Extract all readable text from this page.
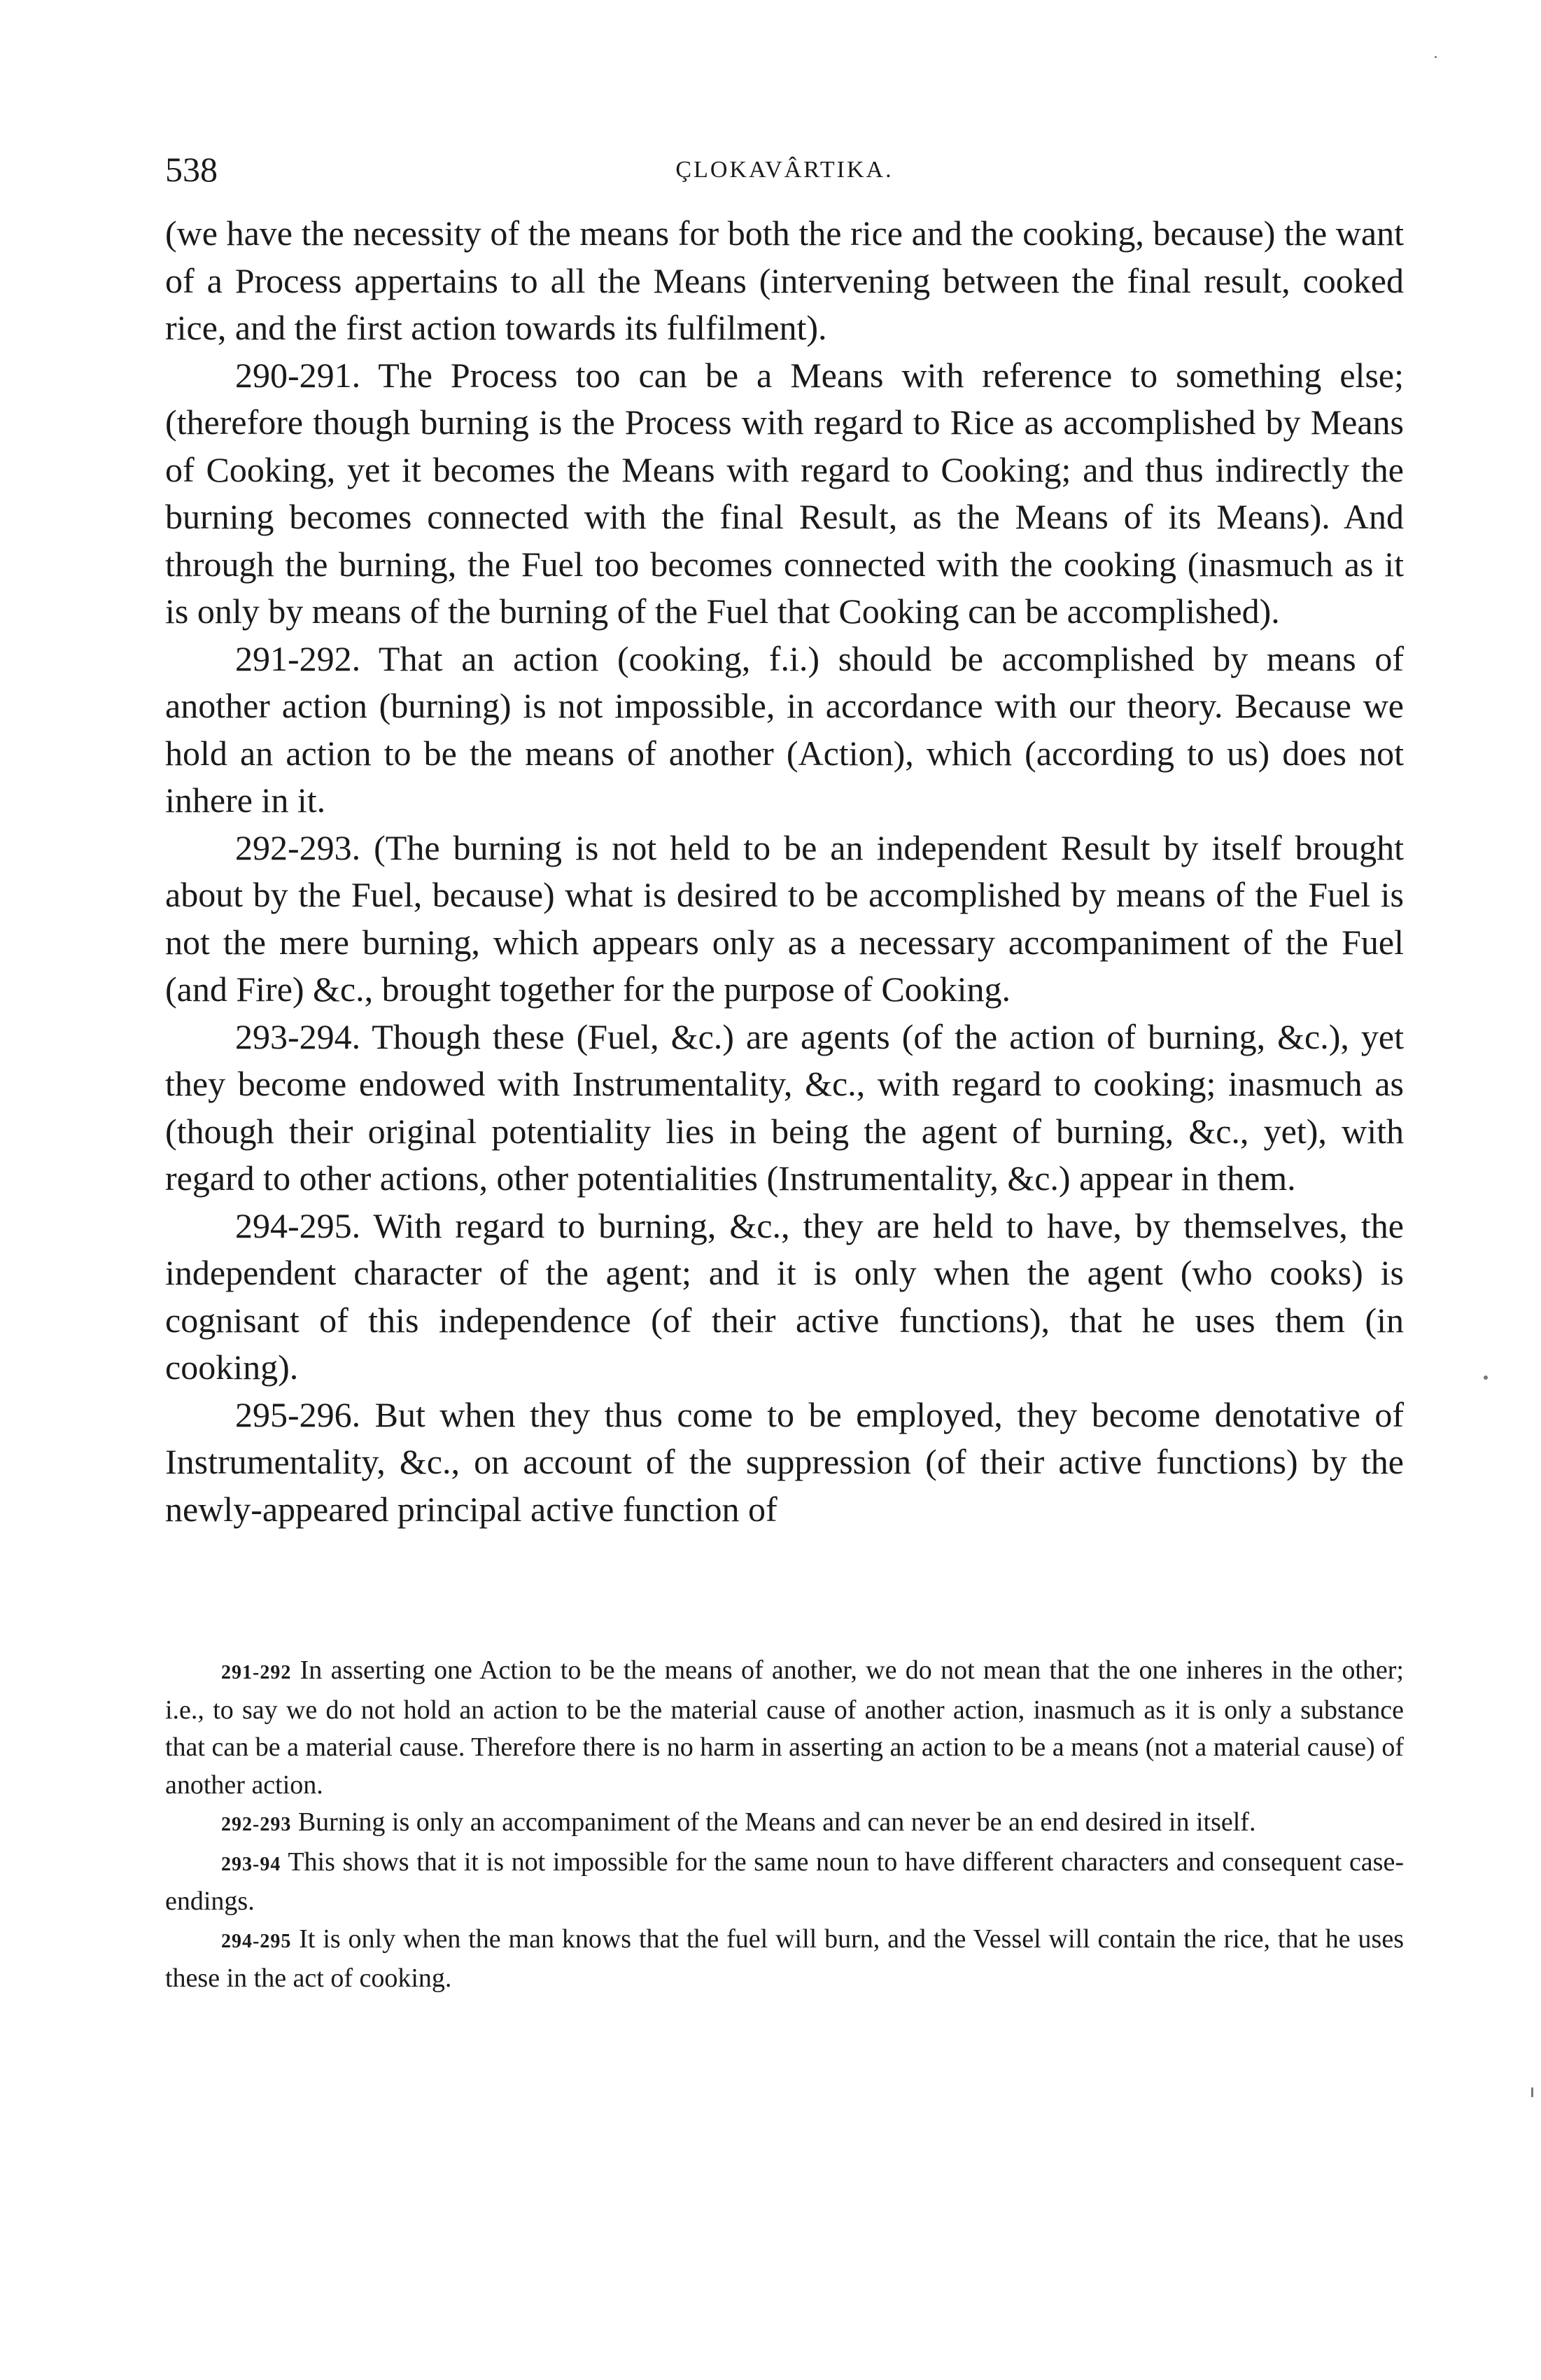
538	ÇLOKAVÂRTIKA.

(we have the necessity of the means for both the rice and the cooking, because) the want of a Process appertains to all the Means (intervening between the final result, cooked rice, and the first action towards its fulfilment).

290-291. The Process too can be a Means with reference to something else; (therefore though burning is the Process with regard to Rice as accomplished by Means of Cooking, yet it becomes the Means with regard to Cooking; and thus indirectly the burning becomes connected with the final Result, as the Means of its Means). And through the burning, the Fuel too becomes connected with the cooking (inasmuch as it is only by means of the burning of the Fuel that Cooking can be accomplished).

291-292. That an action (cooking, f.i.) should be accomplished by means of another action (burning) is not impossible, in accordance with our theory. Because we hold an action to be the means of another (Action), which (according to us) does not inhere in it.

292-293. (The burning is not held to be an independent Result by itself brought about by the Fuel, because) what is desired to be accomplished by means of the Fuel is not the mere burning, which appears only as a necessary accompaniment of the Fuel (and Fire) &c., brought together for the purpose of Cooking.

293-294. Though these (Fuel, &c.) are agents (of the action of burning, &c.), yet they become endowed with Instrumentality, &c., with regard to cooking; inasmuch as (though their original potentiality lies in being the agent of burning, &c., yet), with regard to other actions, other potentialities (Instrumentality, &c.) appear in them.

294-295. With regard to burning, &c., they are held to have, by themselves, the independent character of the agent; and it is only when the agent (who cooks) is cognisant of this independence (of their active functions), that he uses them (in cooking).

295-296. But when they thus come to be employed, they become denotative of Instrumentality, &c., on account of the suppression (of their active functions) by the newly-appeared principal active function of

291-292 In asserting one Action to be the means of another, we do not mean that the one inheres in the other; i.e., to say we do not hold an action to be the material cause of another action, inasmuch as it is only a substance that can be a material cause. Therefore there is no harm in asserting an action to be a means (not a material cause) of another action.

292-293 Burning is only an accompaniment of the Means and can never be an end desired in itself.

293-94 This shows that it is not impossible for the same noun to have different characters and consequent case-endings.

294-295 It is only when the man knows that the fuel will burn, and the Vessel will contain the rice, that he uses these in the act of cooking.
